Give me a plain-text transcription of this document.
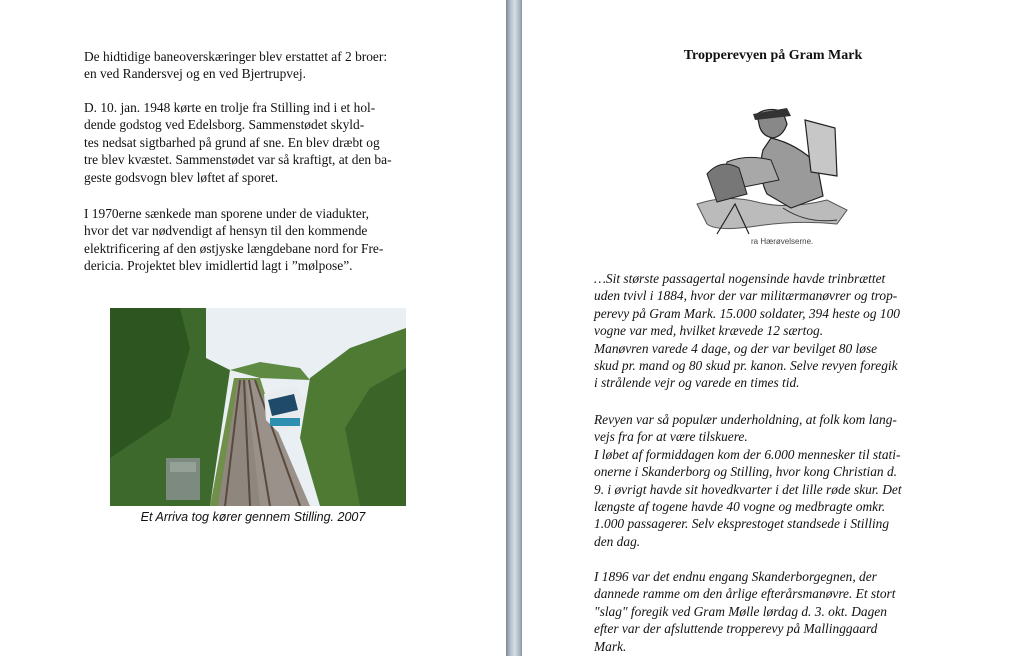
De hidtidige baneoverskæringer blev erstattet af 2 broer:
en ved Randersvej og en ved Bjertrupvej.
D. 10. jan. 1948 kørte en trolje fra Stilling ind i et hol-
dende godstog ved Edelsborg. Sammenstødet skyld-
tes nedsat sigtbarhed på grund af sne. En blev dræbt og
tre blev kvæstet. Sammenstødet var så kraftigt, at den ba-
geste godsvogn blev løftet af sporet.
I 1970erne sænkede man sporene under de viadukter,
hvor det var nødvendigt af hensyn til den kommende
elektrificering af den østjyske længdebane nord for Fre-
dericia. Projektet blev imidlertid lagt i ”mølpose”.
Et Arriva tog kører gennem Stilling. 2007
Tropperevyen på Gram Mark
ra Hærøvelserne.
…Sit største passagertal nogensinde havde trinbrættet
uden tvivl i 1884, hvor der var militærmanøvrer og trop-
perevy på Gram Mark. 15.000 soldater, 394 heste og 100
vogne var med, hvilket krævede 12 særtog.
Manøvren varede 4 dage, og der var bevilget 80 løse
skud pr. mand og 80 skud pr. kanon. Selve revyen foregik
i strålende vejr og varede en times tid.
Revyen var så populær underholdning, at folk kom lang-
vejs fra for at være tilskuere.
I løbet af formiddagen kom der 6.000 mennesker til stati-
onerne i Skanderborg og Stilling, hvor kong Christian d.
9. i øvrigt havde sit hovedkvarter i det lille røde skur. Det
længste af togene havde 40 vogne og medbragte omkr.
1.000 passagerer. Selv eksprestoget standsede i Stilling
den dag.
I 1896 var det endnu engang Skanderborgegnen, der
dannede ramme om den årlige efterårsmanøvre. Et stort
"slag" foregik ved Gram Mølle lørdag d. 3. okt. Dagen
efter var der afsluttende tropperevy på Mallinggaard
Mark.
